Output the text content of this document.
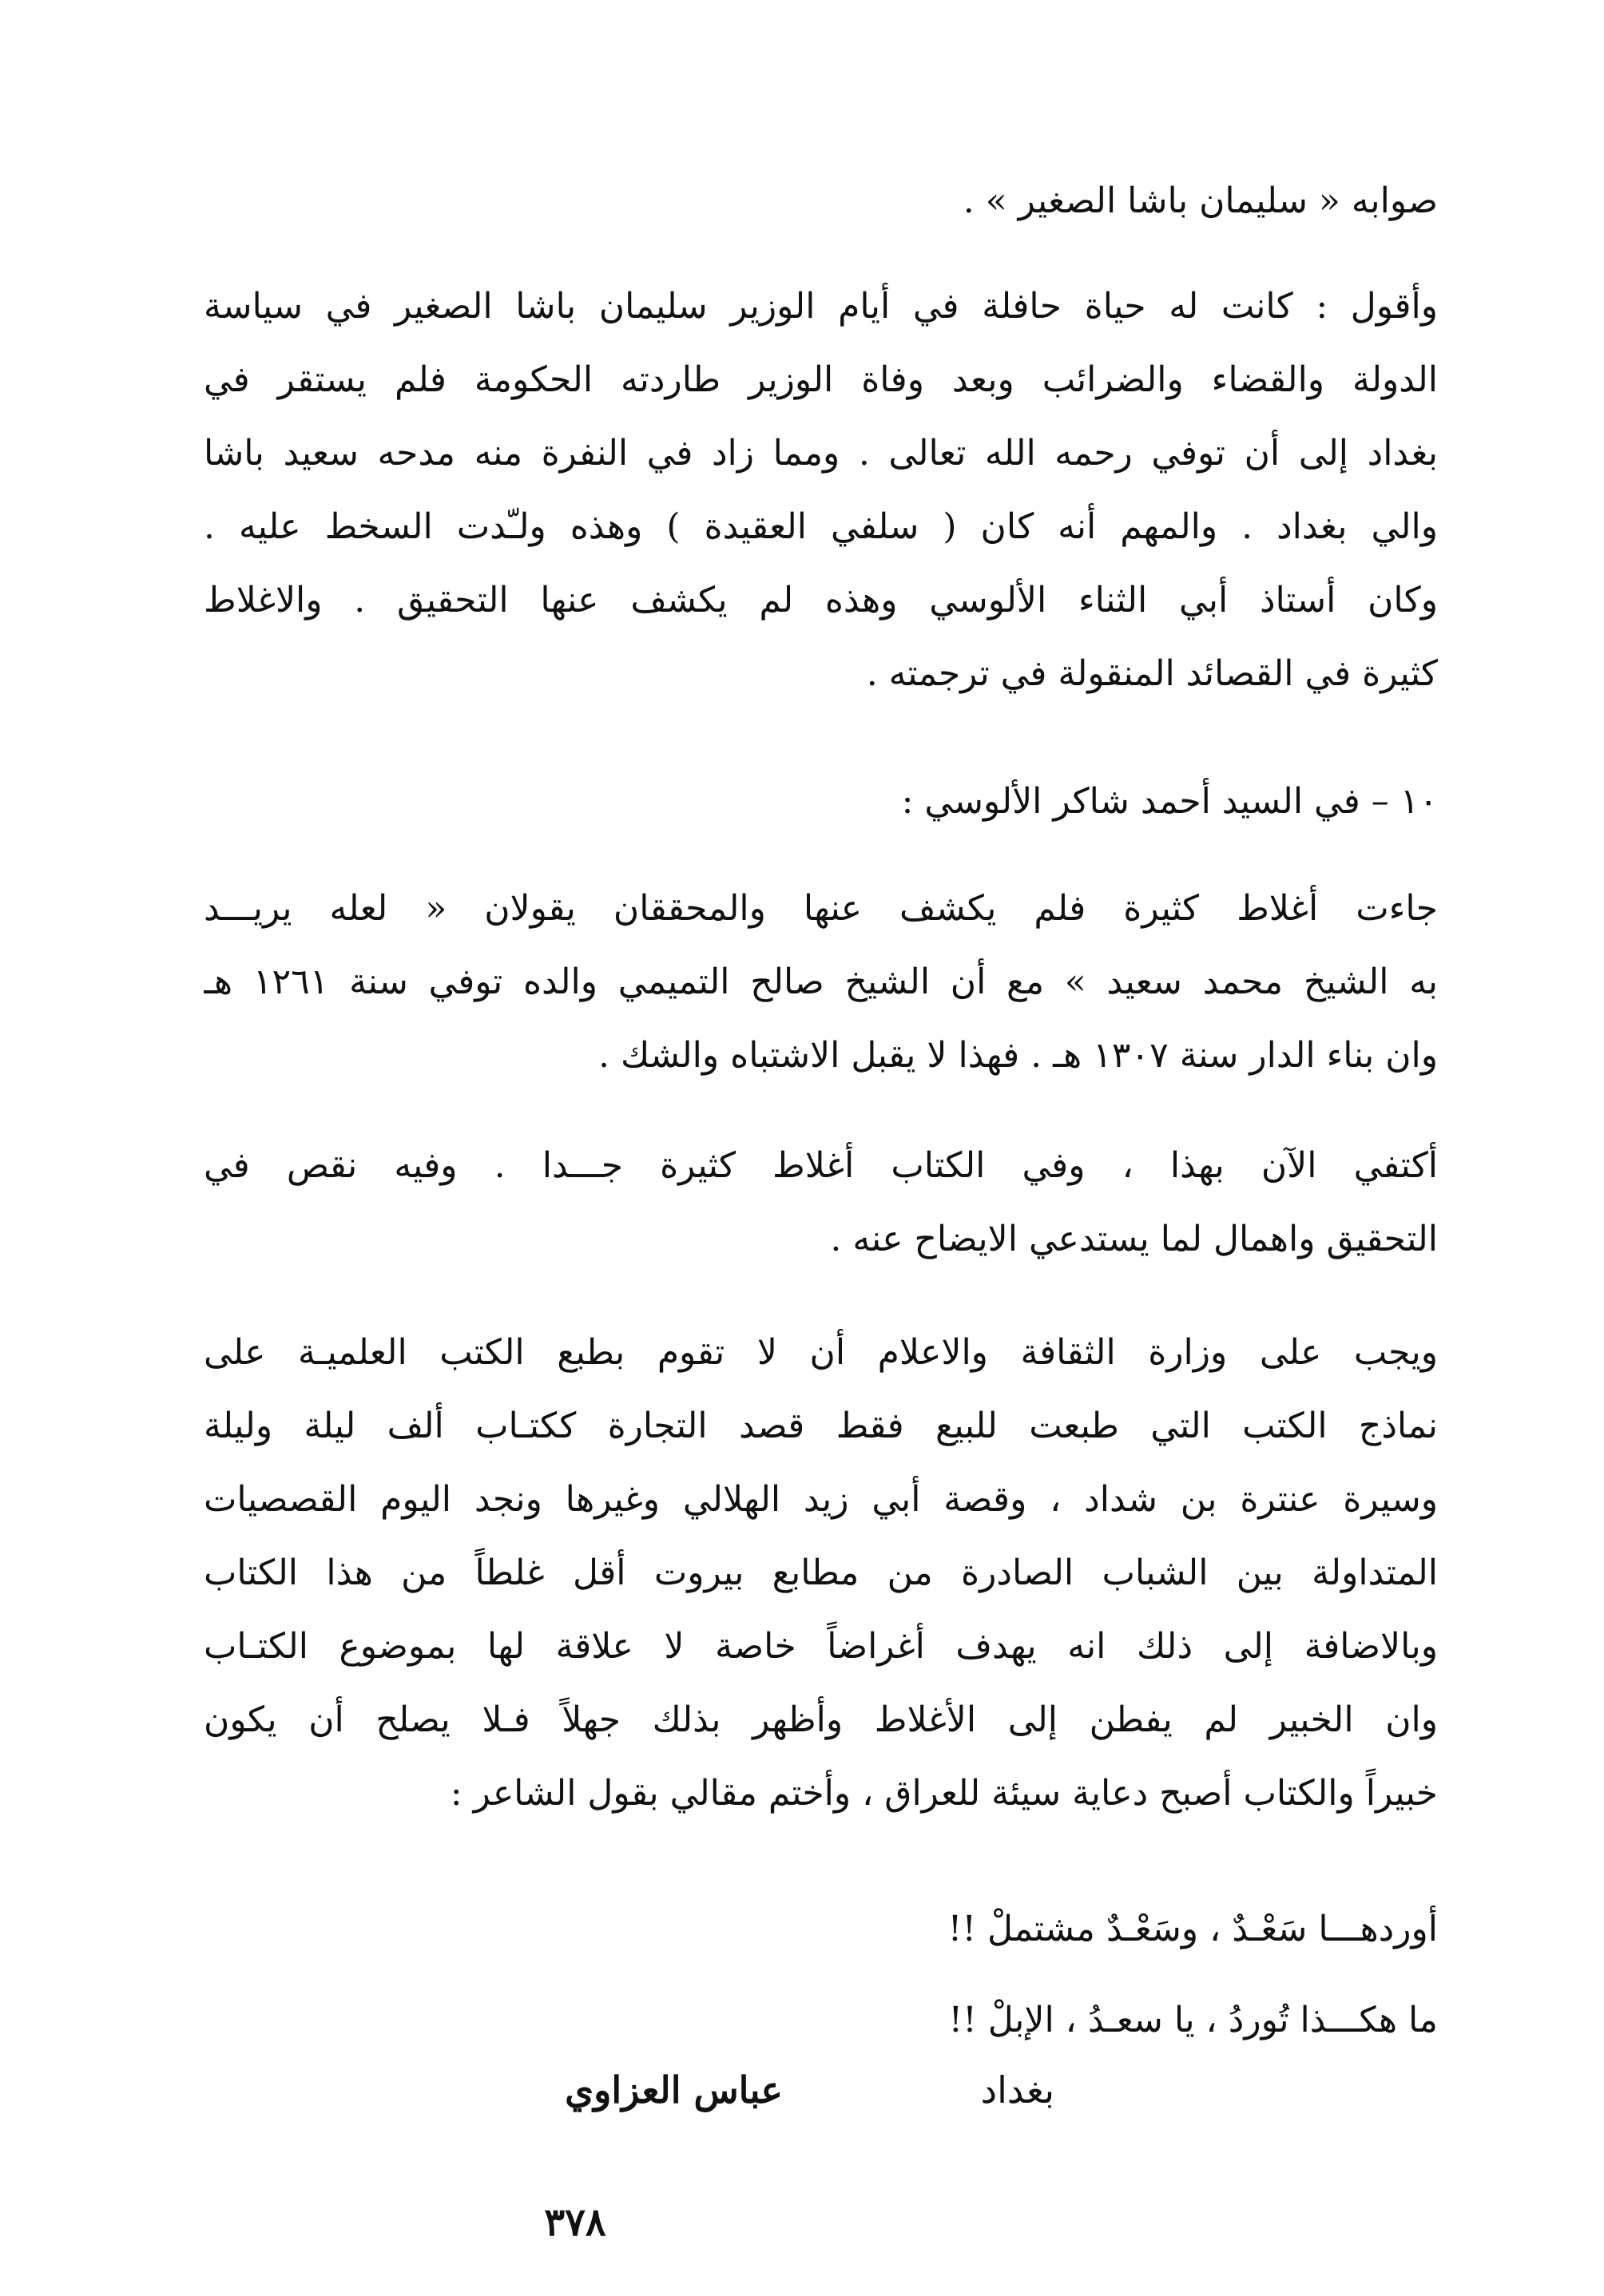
صوابه « سليمان باشا الصغير » .
وأقول : كانت له حياة حافلة في أيام الوزير سليمان باشا الصغير في سياسة
الدولة والقضاء والضرائب وبعد وفاة الوزير طاردته الحكومة فلم يستقر في
بغداد إلى أن توفي رحمه الله تعالى . ومما زاد في النفرة منه مدحه سعيد باشا
والي بغداد . والمهم أنه كان ( سلفي العقيدة ) وهذه ولـّدت السخط عليه .
وكان أستاذ أبي الثناء الألوسي وهذه لم يكشف عنها التحقيق . والاغلاط
كثيرة في القصائد المنقولة في ترجمته .
١٠ – في السيد أحمد شاكر الألوسي :
جاءت أغلاط كثيرة فلم يكشف عنها والمحققان يقولان « لعله يريـــد
به الشيخ محمد سعيد » مع أن الشيخ صالح التميمي والده توفي سنة ١٢٦١ هـ
وان بناء الدار سنة ١٣٠٧ هـ . فهذا لا يقبل الاشتباه والشك .
أكتفي الآن بهذا ، وفي الكتاب أغلاط كثيرة جـــدا . وفيه نقص في
التحقيق واهمال لما يستدعي الايضاح عنه .
ويجب على وزارة الثقافة والاعلام أن لا تقوم بطبع الكتب العلميـة على
نماذج الكتب التي طبعت للبيع فقط قصد التجارة ككتـاب ألف ليلة وليلة
وسيرة عنترة بن شداد ، وقصة أبي زيد الهلالي وغيرها ونجد اليوم القصصيات
المتداولة بين الشباب الصادرة من مطابع بيروت أقل غلطاً من هذا الكتاب
وبالاضافة إلى ذلك انه يهدف أغراضاً خاصة لا علاقة لها بموضوع الكتـاب
وان الخبير لم يفطن إلى الأغلاط وأظهر بذلك جهلاً فـلا يصلح أن يكون
خبيراً والكتاب أصبح دعاية سيئة للعراق ، وأختم مقالي بقول الشاعر :
أوردهـــا سَعْـدٌ ، وسَعْـدٌ مشتملْ !!
ما هكـــذا تُوردُ ، يا سعـدُ ، الإبلْ !!
بغداد
عباس العزاوي
٣٧٨
